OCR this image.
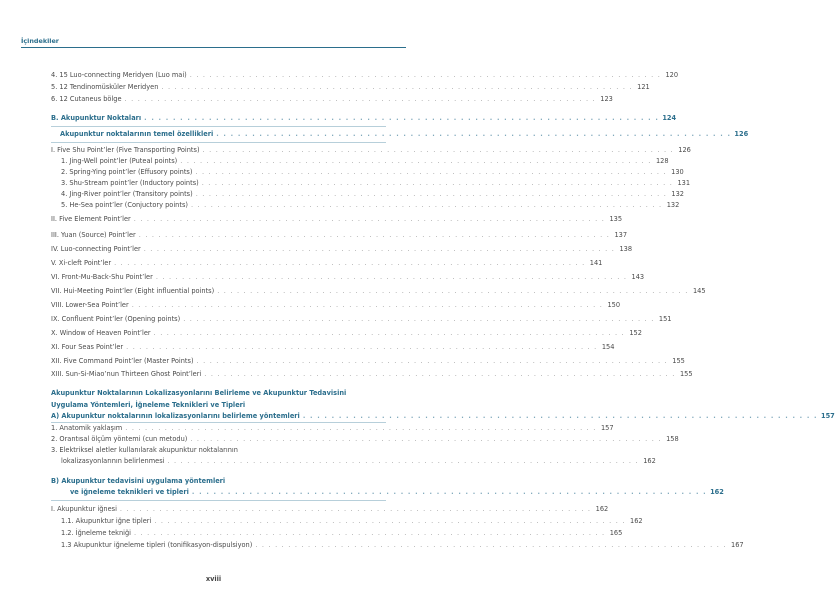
İçindekiler
4. 15 Luo-connecting Meridyen (Luo mai) . . . . . . . . . . . . . . . . . . . . . . . . . . . . . . . . . . . . . . . . . . . . . . . . . . . . . . . . . . . . . . . . . . . . . . . . 120
5. 12 Tendinomüsküler Meridyen . . . . . . . . . . . . . . . . . . . . . . . . . . . . . . . . . . . . . . . . . . . . . . . . . . . . . . . . . . . . . . . . . . . . . . . . 121
6. 12 Cutaneus bölge . . . . . . . . . . . . . . . . . . . . . . . . . . . . . . . . . . . . . . . . . . . . . . . . . . . . . . . . . . . . . . . . . . . . . . . . 123
B. Akupunktur Noktaları . . . . . . . . . . . . . . . . . . . . . . . . . . . . . . . . . . . . . . . . . . . . . . . . . . . . . . . . . . . . . . . . . . . . . . . . 124
Akupunktur noktalarının temel özellikleri . . . . . . . . . . . . . . . . . . . . . . . . . . . . . . . . . . . . . . . . . . . . . . . . . . . . . . . . . . . . . . . . . . . . . . . . 126
I. Five Shu Point’ler (Five Transporting Points) . . . . . . . . . . . . . . . . . . . . . . . . . . . . . . . . . . . . . . . . . . . . . . . . . . . . . . . . . . . . . . . . . . . . . . . . 126
1. Jing-Well point’ler (Puteal points) . . . . . . . . . . . . . . . . . . . . . . . . . . . . . . . . . . . . . . . . . . . . . . . . . . . . . . . . . . . . . . . . . . . . . . . . 128
2. Spring-Ying point’ler (Effusory points) . . . . . . . . . . . . . . . . . . . . . . . . . . . . . . . . . . . . . . . . . . . . . . . . . . . . . . . . . . . . . . . . . . . . . . . . 130
3. Shu-Stream point’ler (Inductory points) . . . . . . . . . . . . . . . . . . . . . . . . . . . . . . . . . . . . . . . . . . . . . . . . . . . . . . . . . . . . . . . . . . . . . . . . 131
4. Jing-River point’ler (Transitory points) . . . . . . . . . . . . . . . . . . . . . . . . . . . . . . . . . . . . . . . . . . . . . . . . . . . . . . . . . . . . . . . . . . . . . . . . 132
5. He-Sea point’ler (Conjuctory points) . . . . . . . . . . . . . . . . . . . . . . . . . . . . . . . . . . . . . . . . . . . . . . . . . . . . . . . . . . . . . . . . . . . . . . . . 132
II. Five Element Point’ler . . . . . . . . . . . . . . . . . . . . . . . . . . . . . . . . . . . . . . . . . . . . . . . . . . . . . . . . . . . . . . . . . . . . . . . . 135
III. Yuan (Source) Point’ler . . . . . . . . . . . . . . . . . . . . . . . . . . . . . . . . . . . . . . . . . . . . . . . . . . . . . . . . . . . . . . . . . . . . . . . . 137
IV. Luo-connecting Point’ler . . . . . . . . . . . . . . . . . . . . . . . . . . . . . . . . . . . . . . . . . . . . . . . . . . . . . . . . . . . . . . . . . . . . . . . . 138
V. Xi-cleft Point’ler . . . . . . . . . . . . . . . . . . . . . . . . . . . . . . . . . . . . . . . . . . . . . . . . . . . . . . . . . . . . . . . . . . . . . . . . 141
VI. Front-Mu-Back-Shu Point’ler . . . . . . . . . . . . . . . . . . . . . . . . . . . . . . . . . . . . . . . . . . . . . . . . . . . . . . . . . . . . . . . . . . . . . . . . 143
VII. Hui-Meeting Point’ler (Eight influential points) . . . . . . . . . . . . . . . . . . . . . . . . . . . . . . . . . . . . . . . . . . . . . . . . . . . . . . . . . . . . . . . . . . . . . . . . 145
VIII. Lower-Sea Point’ler . . . . . . . . . . . . . . . . . . . . . . . . . . . . . . . . . . . . . . . . . . . . . . . . . . . . . . . . . . . . . . . . . . . . . . . . 150
IX. Confluent Point’ler (Opening points) . . . . . . . . . . . . . . . . . . . . . . . . . . . . . . . . . . . . . . . . . . . . . . . . . . . . . . . . . . . . . . . . . . . . . . . . 151
X. Window of Heaven Point’ler . . . . . . . . . . . . . . . . . . . . . . . . . . . . . . . . . . . . . . . . . . . . . . . . . . . . . . . . . . . . . . . . . . . . . . . . 152
XI. Four Seas Point’ler . . . . . . . . . . . . . . . . . . . . . . . . . . . . . . . . . . . . . . . . . . . . . . . . . . . . . . . . . . . . . . . . . . . . . . . . 154
XII. Five Command Point’ler (Master Points) . . . . . . . . . . . . . . . . . . . . . . . . . . . . . . . . . . . . . . . . . . . . . . . . . . . . . . . . . . . . . . . . . . . . . . . . 155
XIII. Sun-Si-Miao’nun Thirteen Ghost Point’leri . . . . . . . . . . . . . . . . . . . . . . . . . . . . . . . . . . . . . . . . . . . . . . . . . . . . . . . . . . . . . . . . . . . . . . . . 155
Akupunktur Noktalarının Lokalizasyonlarını Belirleme ve Akupunktur Tedavisini
Uygulama Yöntemleri, İğneleme Teknikleri ve Tipleri
A) Akupunktur noktalarının lokalizasyonlarını belirleme yöntemleri . . . . . . . . . . . . . . . . . . . . . . . . . . . . . . . . . . . . . . . . . . . . . . . . . . . . . . . . . . . . . . . . . . . . . . . . 157
1. Anatomik yaklaşım . . . . . . . . . . . . . . . . . . . . . . . . . . . . . . . . . . . . . . . . . . . . . . . . . . . . . . . . . . . . . . . . . . . . . . . . 157
2. Orantısal ölçüm yöntemi (cun metodu) . . . . . . . . . . . . . . . . . . . . . . . . . . . . . . . . . . . . . . . . . . . . . . . . . . . . . . . . . . . . . . . . . . . . . . . . 158
3. Elektriksel aletler kullanılarak akupunktur noktalarının
lokalizasyonlarının belirlenmesi . . . . . . . . . . . . . . . . . . . . . . . . . . . . . . . . . . . . . . . . . . . . . . . . . . . . . . . . . . . . . . . . . . . . . . . . 162
B) Akupunktur tedavisini uygulama yöntemleri
ve iğneleme teknikleri ve tipleri . . . . . . . . . . . . . . . . . . . . . . . . . . . . . . . . . . . . . . . . . . . . . . . . . . . . . . . . . . . . . . . . . . . . . . . . 162
I. Akupunktur iğnesi . . . . . . . . . . . . . . . . . . . . . . . . . . . . . . . . . . . . . . . . . . . . . . . . . . . . . . . . . . . . . . . . . . . . . . . . 162
1.1. Akupunktur iğne tipleri . . . . . . . . . . . . . . . . . . . . . . . . . . . . . . . . . . . . . . . . . . . . . . . . . . . . . . . . . . . . . . . . . . . . . . . . 162
1.2. İğneleme tekniği . . . . . . . . . . . . . . . . . . . . . . . . . . . . . . . . . . . . . . . . . . . . . . . . . . . . . . . . . . . . . . . . . . . . . . . . 165
1.3 Akupunktur iğneleme tipleri (tonifikasyon-dispulsiyon) . . . . . . . . . . . . . . . . . . . . . . . . . . . . . . . . . . . . . . . . . . . . . . . . . . . . . . . . . . . . . . . . . . . . . . . . 167
xviii
